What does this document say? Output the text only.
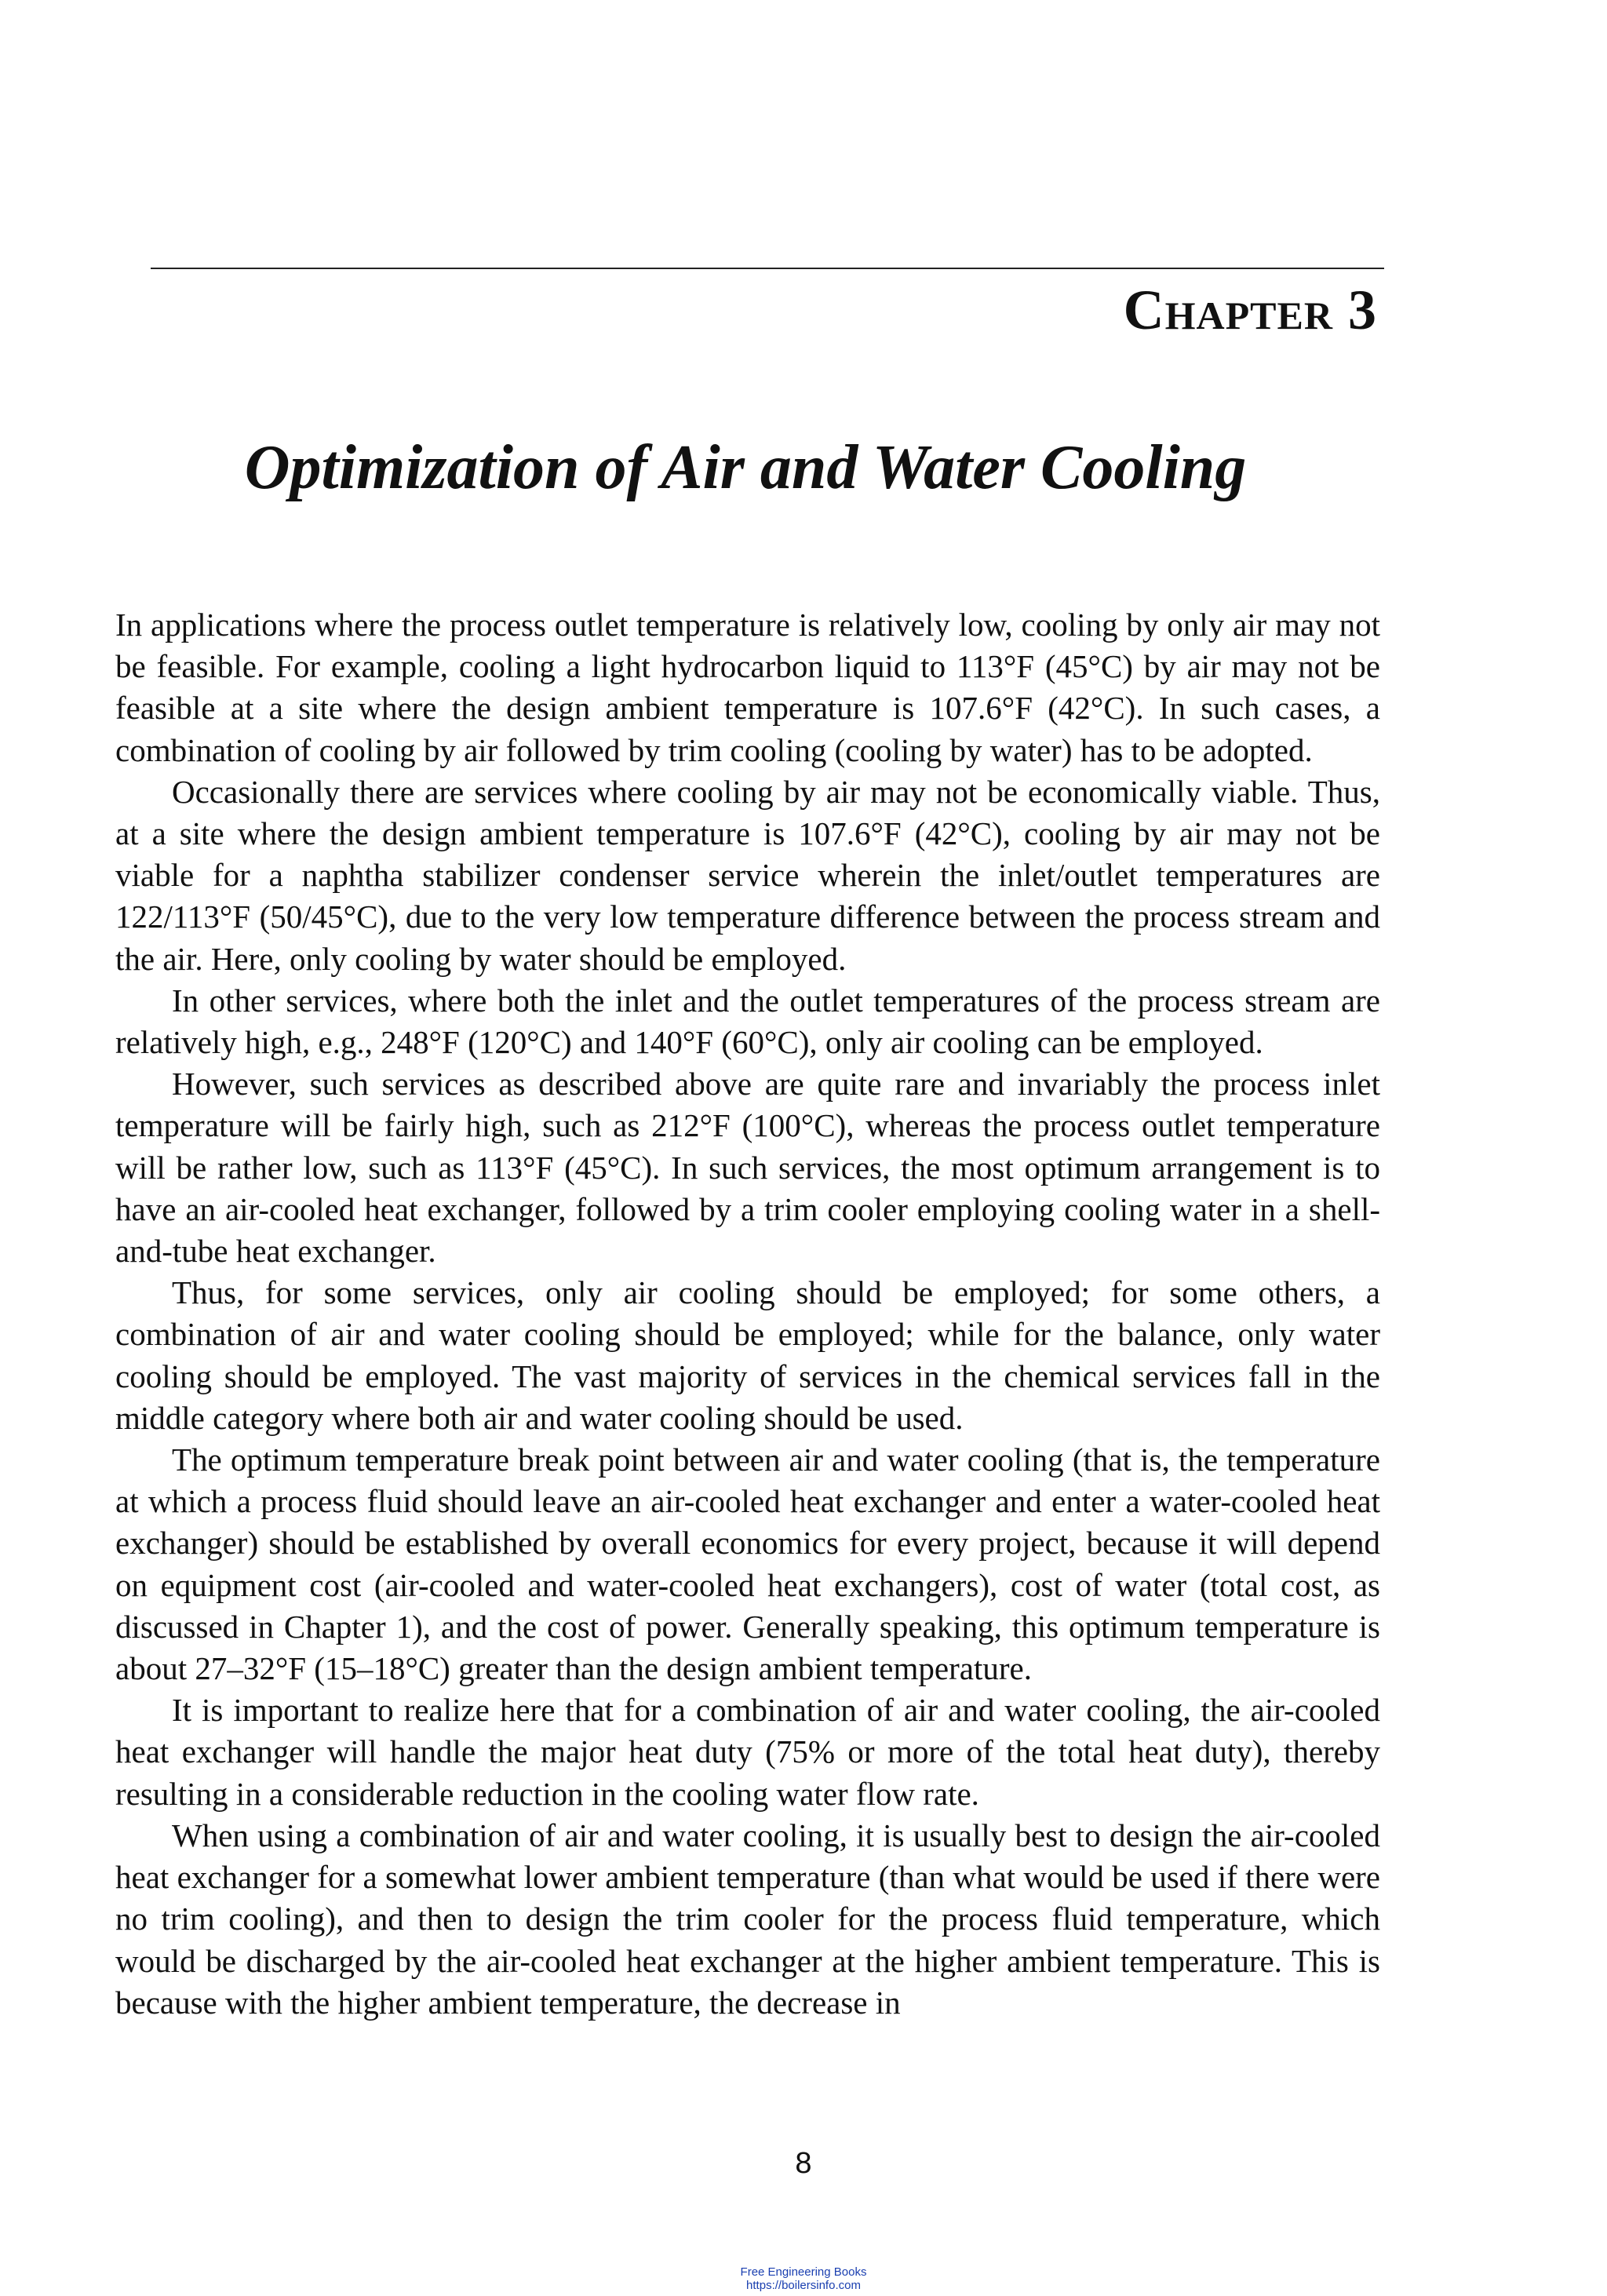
Chapter 3
Optimization of Air and Water Cooling

In applications where the process outlet temperature is relatively low, cooling by only air may not be feasible. For example, cooling a light hydrocarbon liquid to 113°F (45°C) by air may not be feasible at a site where the design ambient temperature is 107.6°F (42°C). In such cases, a combination of cooling by air followed by trim cooling (cooling by water) has to be adopted.

Occasionally there are services where cooling by air may not be economically viable. Thus, at a site where the design ambient temperature is 107.6°F (42°C), cooling by air may not be viable for a naphtha stabilizer condenser service wherein the inlet/outlet temperatures are 122/113°F (50/45°C), due to the very low temperature difference between the process stream and the air. Here, only cooling by water should be employed.

In other services, where both the inlet and the outlet temperatures of the process stream are relatively high, e.g., 248°F (120°C) and 140°F (60°C), only air cooling can be employed.

However, such services as described above are quite rare and invariably the process inlet temperature will be fairly high, such as 212°F (100°C), whereas the process outlet temperature will be rather low, such as 113°F (45°C). In such services, the most optimum arrangement is to have an air-cooled heat exchanger, followed by a trim cooler employing cooling water in a shell-and-tube heat exchanger.

Thus, for some services, only air cooling should be employed; for some others, a combination of air and water cooling should be employed; while for the balance, only water cooling should be employed. The vast majority of services in the chemical services fall in the middle category where both air and water cooling should be used.

The optimum temperature break point between air and water cooling (that is, the temperature at which a process fluid should leave an air-cooled heat exchanger and enter a water-cooled heat exchanger) should be established by overall economics for every project, because it will depend on equipment cost (air-cooled and water-cooled heat exchangers), cost of water (total cost, as discussed in Chapter 1), and the cost of power. Generally speaking, this optimum temperature is about 27–32°F (15–18°C) greater than the design ambient temperature.

It is important to realize here that for a combination of air and water cooling, the air-cooled heat exchanger will handle the major heat duty (75% or more of the total heat duty), thereby resulting in a considerable reduction in the cooling water flow rate.

When using a combination of air and water cooling, it is usually best to design the air-cooled heat exchanger for a somewhat lower ambient temperature (than what would be used if there were no trim cooling), and then to design the trim cooler for the process fluid temperature, which would be discharged by the air-cooled heat exchanger at the higher ambient temperature. This is because with the higher ambient temperature, the decrease in

8
Free Engineering Books
https://boilersinfo.com
